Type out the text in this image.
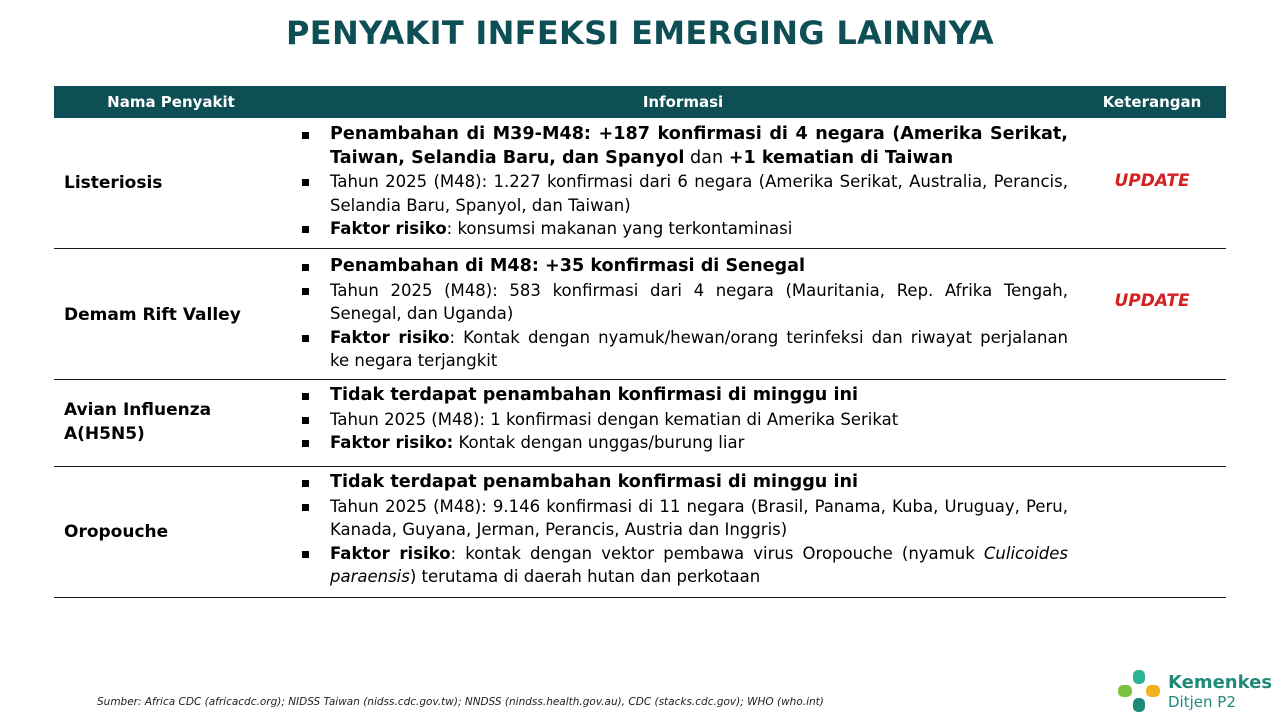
PENYAKIT INFEKSI EMERGING LAINNYA
Nama Penyakit	Informasi	Keterangan
Listeriosis
Penambahan di M39-M48: +187 konfirmasi di 4 negara (Amerika Serikat, Taiwan, Selandia Baru, dan Spanyol dan +1 kematian di Taiwan
Tahun 2025 (M48): 1.227 konfirmasi dari 6 negara (Amerika Serikat, Australia, Perancis, Selandia Baru, Spanyol, dan Taiwan)
Faktor risiko: konsumsi makanan yang terkontaminasi
UPDATE
Demam Rift Valley
Penambahan di M48: +35 konfirmasi di Senegal
Tahun 2025 (M48): 583 konfirmasi dari 4 negara (Mauritania, Rep. Afrika Tengah, Senegal, dan Uganda)
Faktor risiko: Kontak dengan nyamuk/hewan/orang terinfeksi dan riwayat perjalanan ke negara terjangkit
UPDATE
Avian Influenza A(H5N5)
Tidak terdapat penambahan konfirmasi di minggu ini
Tahun 2025 (M48): 1 konfirmasi dengan kematian di Amerika Serikat
Faktor risiko: Kontak dengan unggas/burung liar
Oropouche
Tidak terdapat penambahan konfirmasi di minggu ini
Tahun 2025 (M48): 9.146 konfirmasi di 11 negara (Brasil, Panama, Kuba, Uruguay, Peru, Kanada, Guyana, Jerman, Perancis, Austria dan Inggris)
Faktor risiko: kontak dengan vektor pembawa virus Oropouche (nyamuk Culicoides paraensis) terutama di daerah hutan dan perkotaan
Sumber: Africa CDC (africacdc.org); NIDSS Taiwan (nidss.cdc.gov.tw); NNDSS (nindss.health.gov.au), CDC (stacks.cdc.gov); WHO (who.int)
Kemenkes
Ditjen P2
